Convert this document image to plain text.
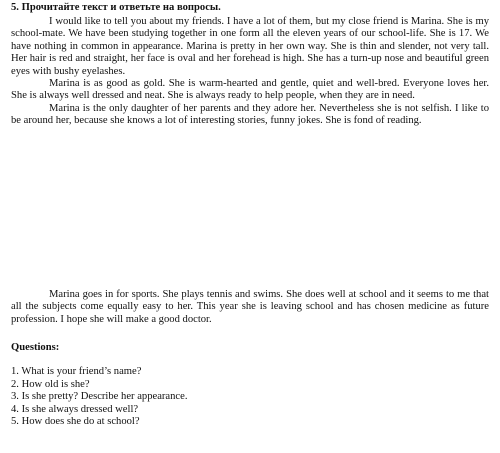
5. Прочитайте текст и ответьте на вопросы.

I would like to tell you about my friends. I have a lot of them, but my close friend is Marina. She is my school-mate. We have been studying together in one form all the eleven years of our school-life. She is 17. We have nothing in common in appearance. Marina is pretty in her own way. She is thin and slender, not very tall. Her hair is red and straight, her face is oval and her forehead is high. She has a turn-up nose and beautiful green eyes with bushy eyelashes.

Marina is as good as gold. She is warm-hearted and gentle, quiet and well-bred. Everyone loves her. She is always well dressed and neat. She is always ready to help people, when they are in need.

Marina is the only daughter of her parents and they adore her. Nevertheless she is not selfish. I like to be around her, because she knows a lot of interesting stories, funny jokes. She is fond of reading.

Marina goes in for sports. She plays tennis and swims. She does well at school and it seems to me that all the subjects come equally easy to her. This year she is leaving school and has chosen medicine as future profession. I hope she will make a good doctor.

Questions:
1. What is your friend’s name?
2. How old is she?
3. Is she pretty? Describe her appearance.
4. Is she always dressed well?
5. How does she do at school?
